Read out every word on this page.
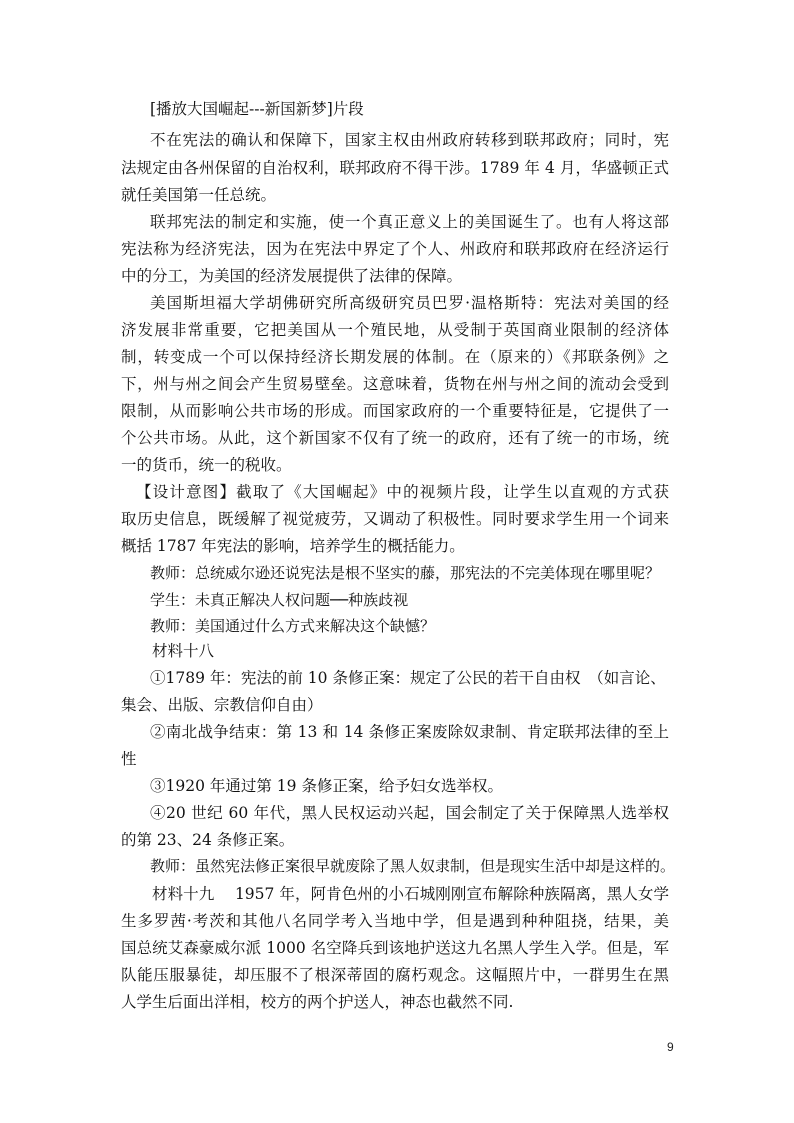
[播放大国崛起---新国新梦]片段
不在宪法的确认和保障下，国家主权由州政府转移到联邦政府；同时，宪
法规定由各州保留的自治权利，联邦政府不得干涉。1789 年 4 月，华盛顿正式
就任美国第一任总统。
联邦宪法的制定和实施，使一个真正意义上的美国诞生了。也有人将这部
宪法称为经济宪法，因为在宪法中界定了个人、州政府和联邦政府在经济运行
中的分工，为美国的经济发展提供了法律的保障。
美国斯坦福大学胡佛研究所高级研究员巴罗·温格斯特：宪法对美国的经
济发展非常重要，它把美国从一个殖民地，从受制于英国商业限制的经济体
制，转变成一个可以保持经济长期发展的体制。在（原来的）《邦联条例》之
下，州与州之间会产生贸易壁垒。这意味着，货物在州与州之间的流动会受到
限制，从而影响公共市场的形成。而国家政府的一个重要特征是，它提供了一
个公共市场。从此，这个新国家不仅有了统一的政府，还有了统一的市场，统
一的货币，统一的税收。
【设计意图】截取了《大国崛起》中的视频片段，让学生以直观的方式获
取历史信息，既缓解了视觉疲劳，又调动了积极性。同时要求学生用一个词来
概括 1787 年宪法的影响，培养学生的概括能力。
教师：总统威尔逊还说宪法是根不坚实的藤，那宪法的不完美体现在哪里呢？
学生：未真正解决人权问题──种族歧视
教师：美国通过什么方式来解决这个缺憾？
材料十八
①1789 年：宪法的前 10 条修正案：规定了公民的若干自由权　（如言论、
集会、出版、宗教信仰自由）
②南北战争结束：第 13 和 14 条修正案废除奴隶制、肯定联邦法律的至上
性
③1920 年通过第 19 条修正案，给予妇女选举权。
④20 世纪 60 年代，黑人民权运动兴起，国会制定了关于保障黑人选举权
的第 23、24 条修正案。
教师：虽然宪法修正案很早就废除了黑人奴隶制，但是现实生活中却是这样的。
材料十九　 1957 年，阿肯色州的小石城刚刚宣布解除种族隔离，黑人女学
生多罗茜·考茨和其他八名同学考入当地中学，但是遇到种种阻挠，结果，美
国总统艾森豪威尔派 1000 名空降兵到该地护送这九名黑人学生入学。但是，军
队能压服暴徒，却压服不了根深蒂固的腐朽观念。这幅照片中，一群男生在黑
人学生后面出洋相，校方的两个护送人，神态也截然不同.
9
